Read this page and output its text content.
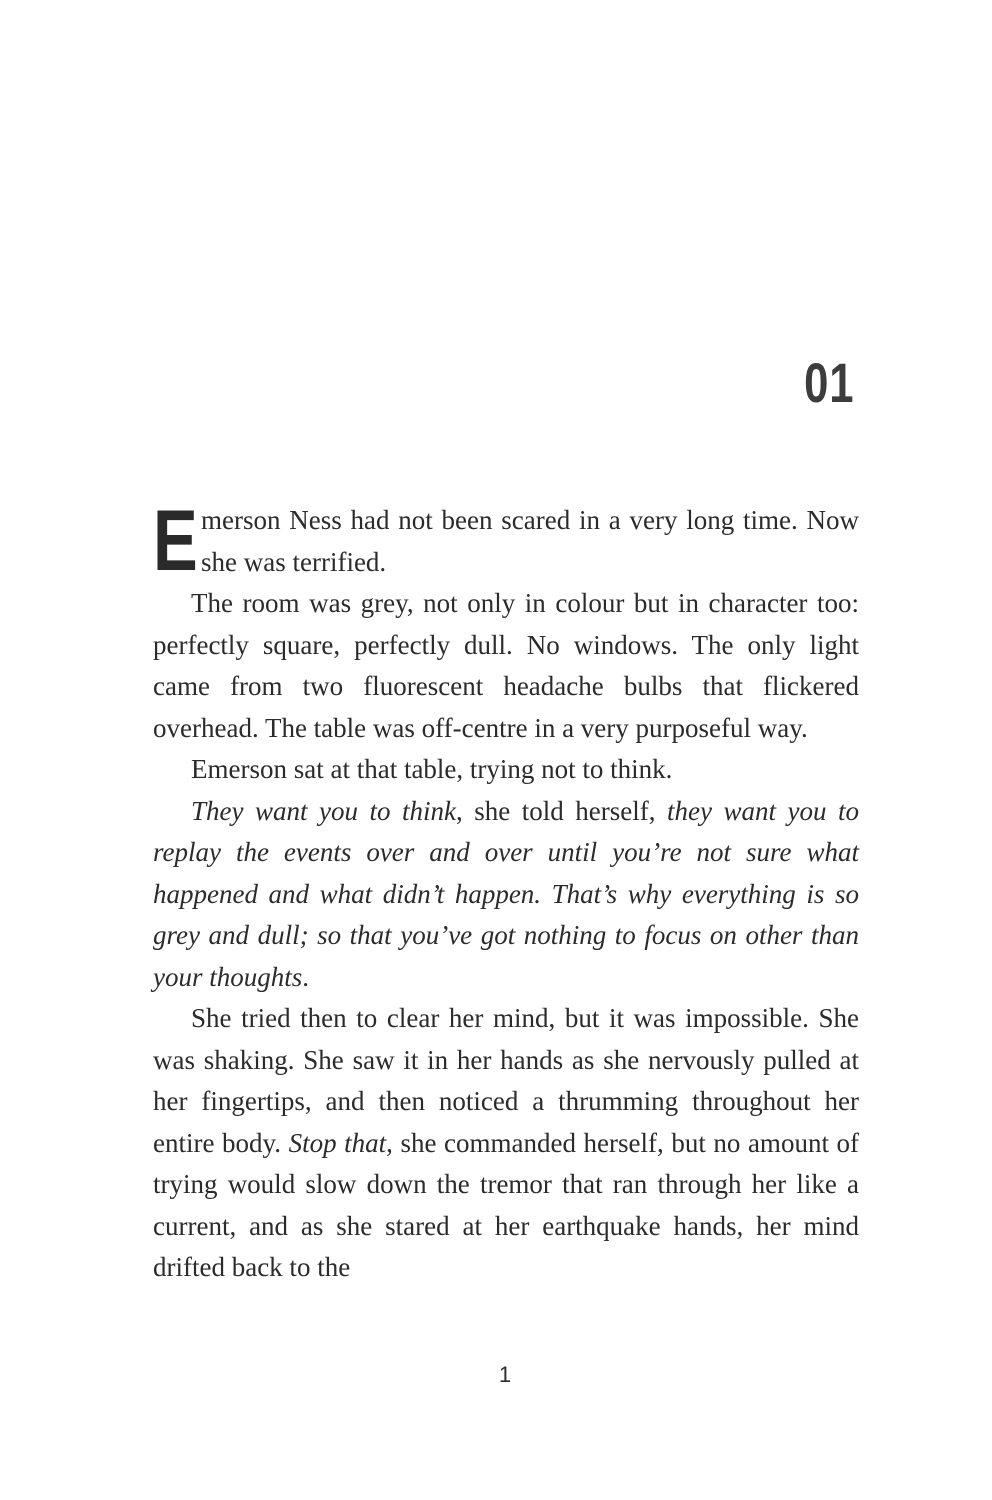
01

Emerson Ness had not been scared in a very long time. Now she was terrified.

The room was grey, not only in colour but in character too: perfectly square, perfectly dull. No windows. The only light came from two fluorescent headache bulbs that flickered overhead. The table was off-centre in a very purposeful way.

Emerson sat at that table, trying not to think.

They want you to think, she told herself, they want you to replay the events over and over until you’re not sure what happened and what didn’t happen. That’s why everything is so grey and dull; so that you’ve got nothing to focus on other than your thoughts.

She tried then to clear her mind, but it was impossible. She was shaking. She saw it in her hands as she nervously pulled at her fingertips, and then noticed a thrumming throughout her entire body. Stop that, she commanded herself, but no amount of trying would slow down the tremor that ran through her like a current, and as she stared at her earthquake hands, her mind drifted back to the

1
